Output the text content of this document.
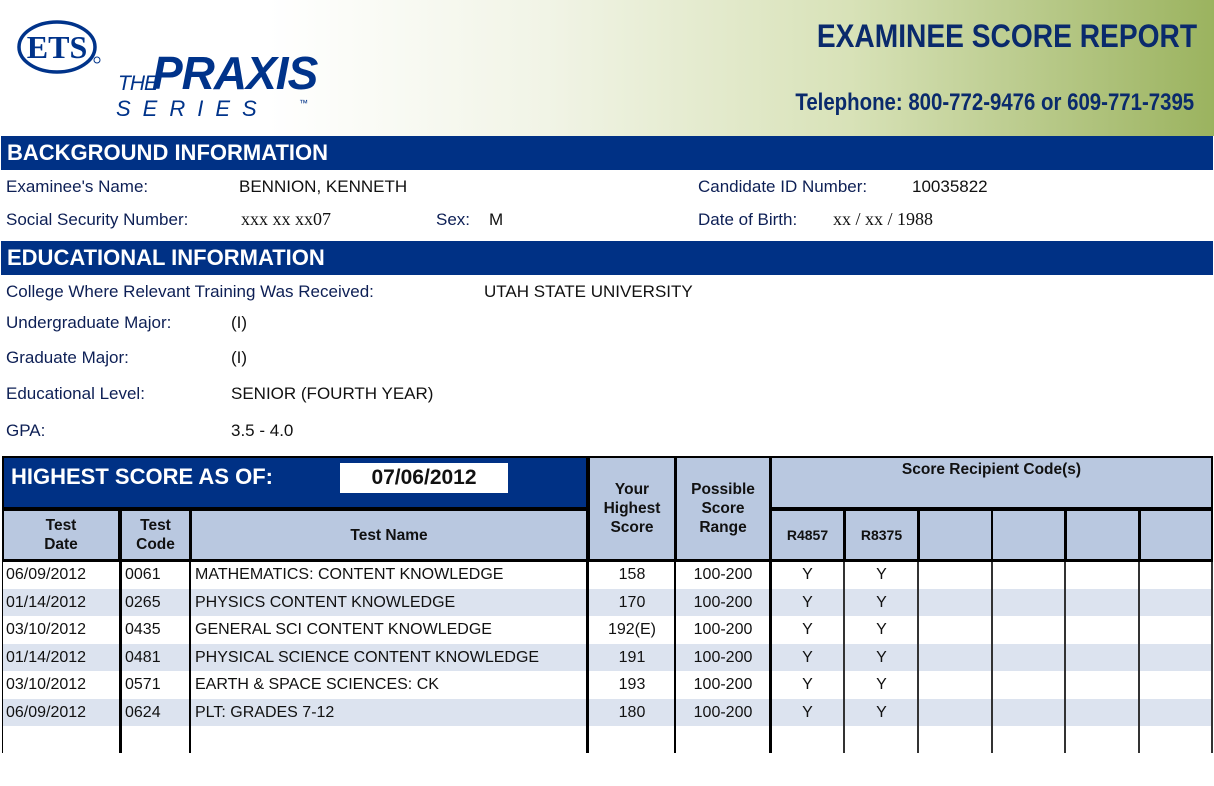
ETS
THE
PRAXIS
SERIES	™
EXAMINEE SCORE REPORT
Telephone: 800-772-9476 or 609-771-7395
BACKGROUND INFORMATION
Examinee's Name:	BENNION, KENNETH	Candidate ID Number:	10035822
Social Security Number:	xxx xx xx07	Sex: M	Date of Birth: xx / xx / 1988
EDUCATIONAL INFORMATION
College Where Relevant Training Was Received:	UTAH STATE UNIVERSITY
Undergraduate Major:	(I)
Graduate Major:	(I)
Educational Level:	SENIOR (FOURTH YEAR)
GPA:	3.5 - 4.0
HIGHEST SCORE AS OF:	07/06/2012
Test Date
Test Code
Test Name
Your Highest Score
Possible Score Range
Score Recipient Code(s)
R4857	R8375
06/09/2012 0061 MATHEMATICS: CONTENT KNOWLEDGE	158	100-200	Y	Y
01/14/2012 0265 PHYSICS CONTENT KNOWLEDGE	170	100-200	Y	Y
03/10/2012 0435 GENERAL SCI CONTENT KNOWLEDGE	192(E)	100-200	Y	Y
01/14/2012 0481 PHYSICAL SCIENCE CONTENT KNOWLEDGE	191	100-200	Y	Y
03/10/2012 0571 EARTH & SPACE SCIENCES: CK	193	100-200	Y	Y
06/09/2012 0624 PLT: GRADES 7-12	180	100-200	Y	Y
